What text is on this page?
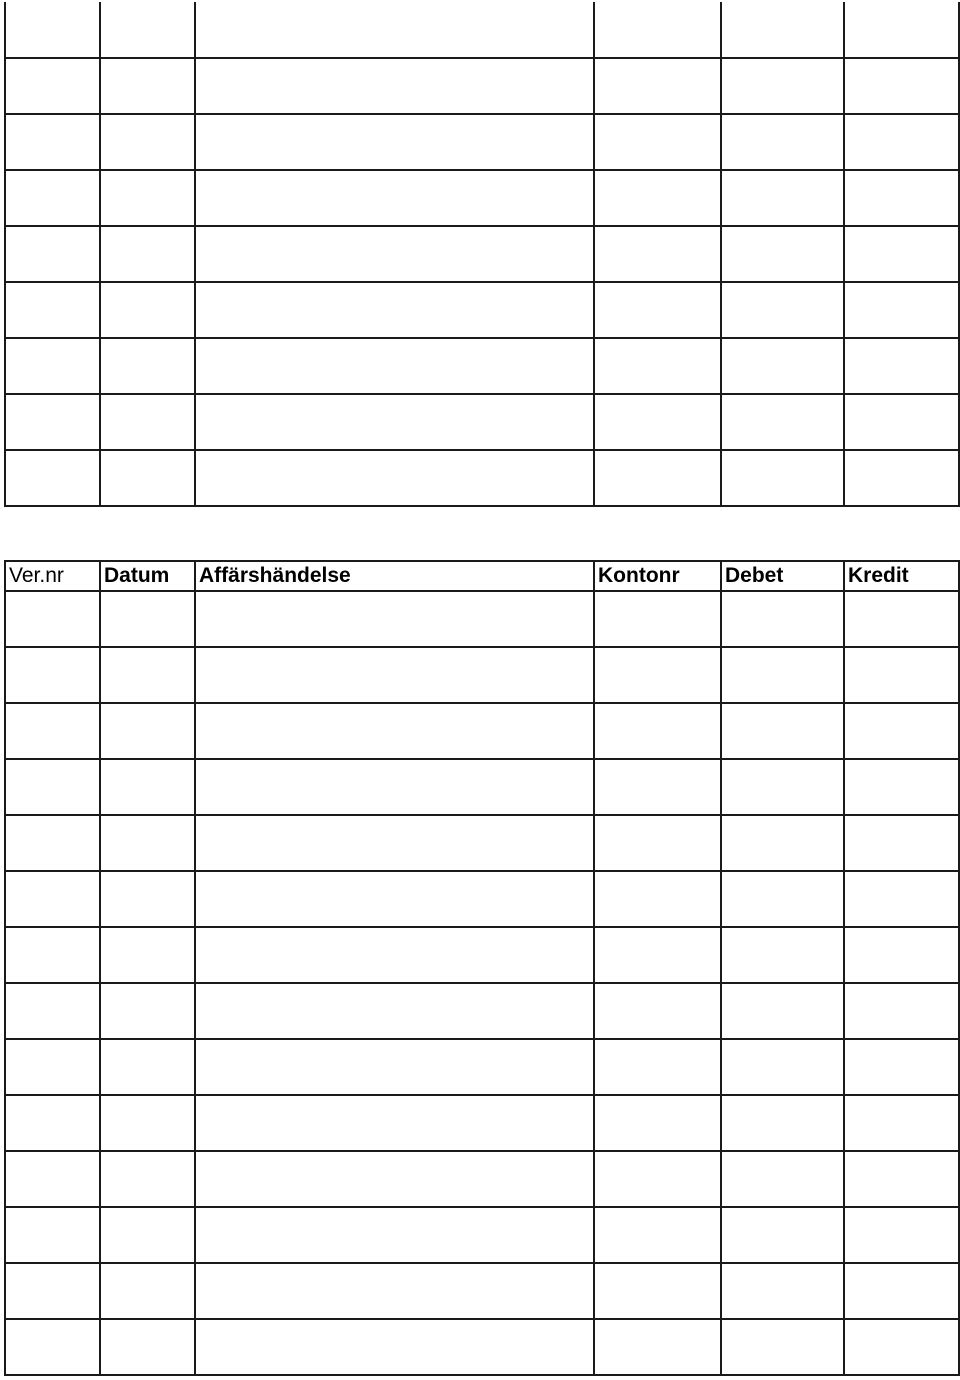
Ver.nr	Datum	Affärshändelse	Kontonr	Debet	Kredit
